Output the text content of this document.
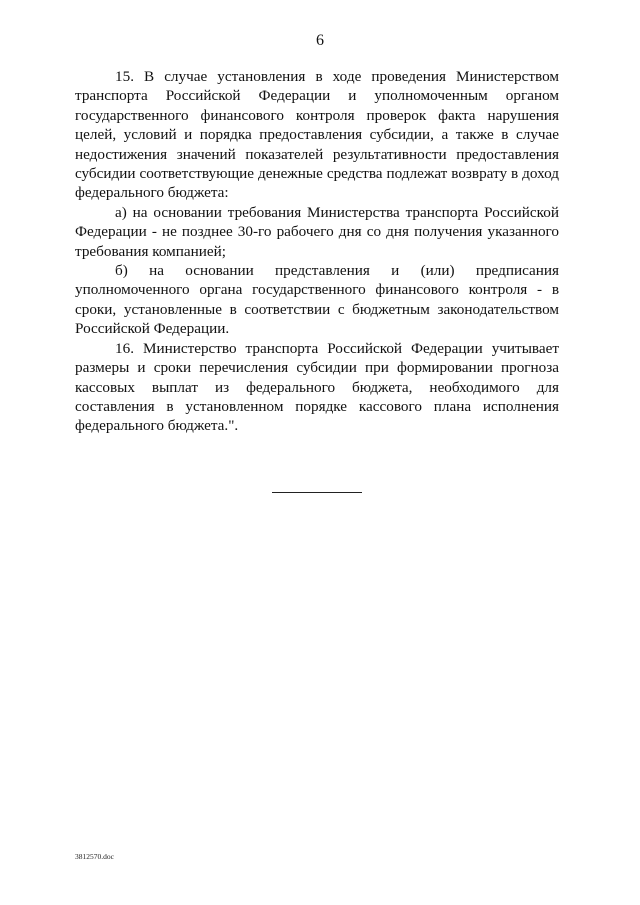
6

15. В случае установления в ходе проведения Министерством транспорта Российской Федерации и уполномоченным органом государственного финансового контроля проверок факта нарушения целей, условий и порядка предоставления субсидии, а также в случае недостижения значений показателей результативности предоставления субсидии соответствующие денежные средства подлежат возврату в доход федерального бюджета:

а) на основании требования Министерства транспорта Российской Федерации - не позднее 30-го рабочего дня со дня получения указанного требования компанией;

б) на основании представления и (или) предписания уполномоченного органа государственного финансового контроля - в сроки, установленные в соответствии с бюджетным законодательством Российской Федерации.

16. Министерство транспорта Российской Федерации учитывает размеры и сроки перечисления субсидии при формировании прогноза кассовых выплат из федерального бюджета, необходимого для составления в установленном порядке кассового плана исполнения федерального бюджета.".

3812570.doc
